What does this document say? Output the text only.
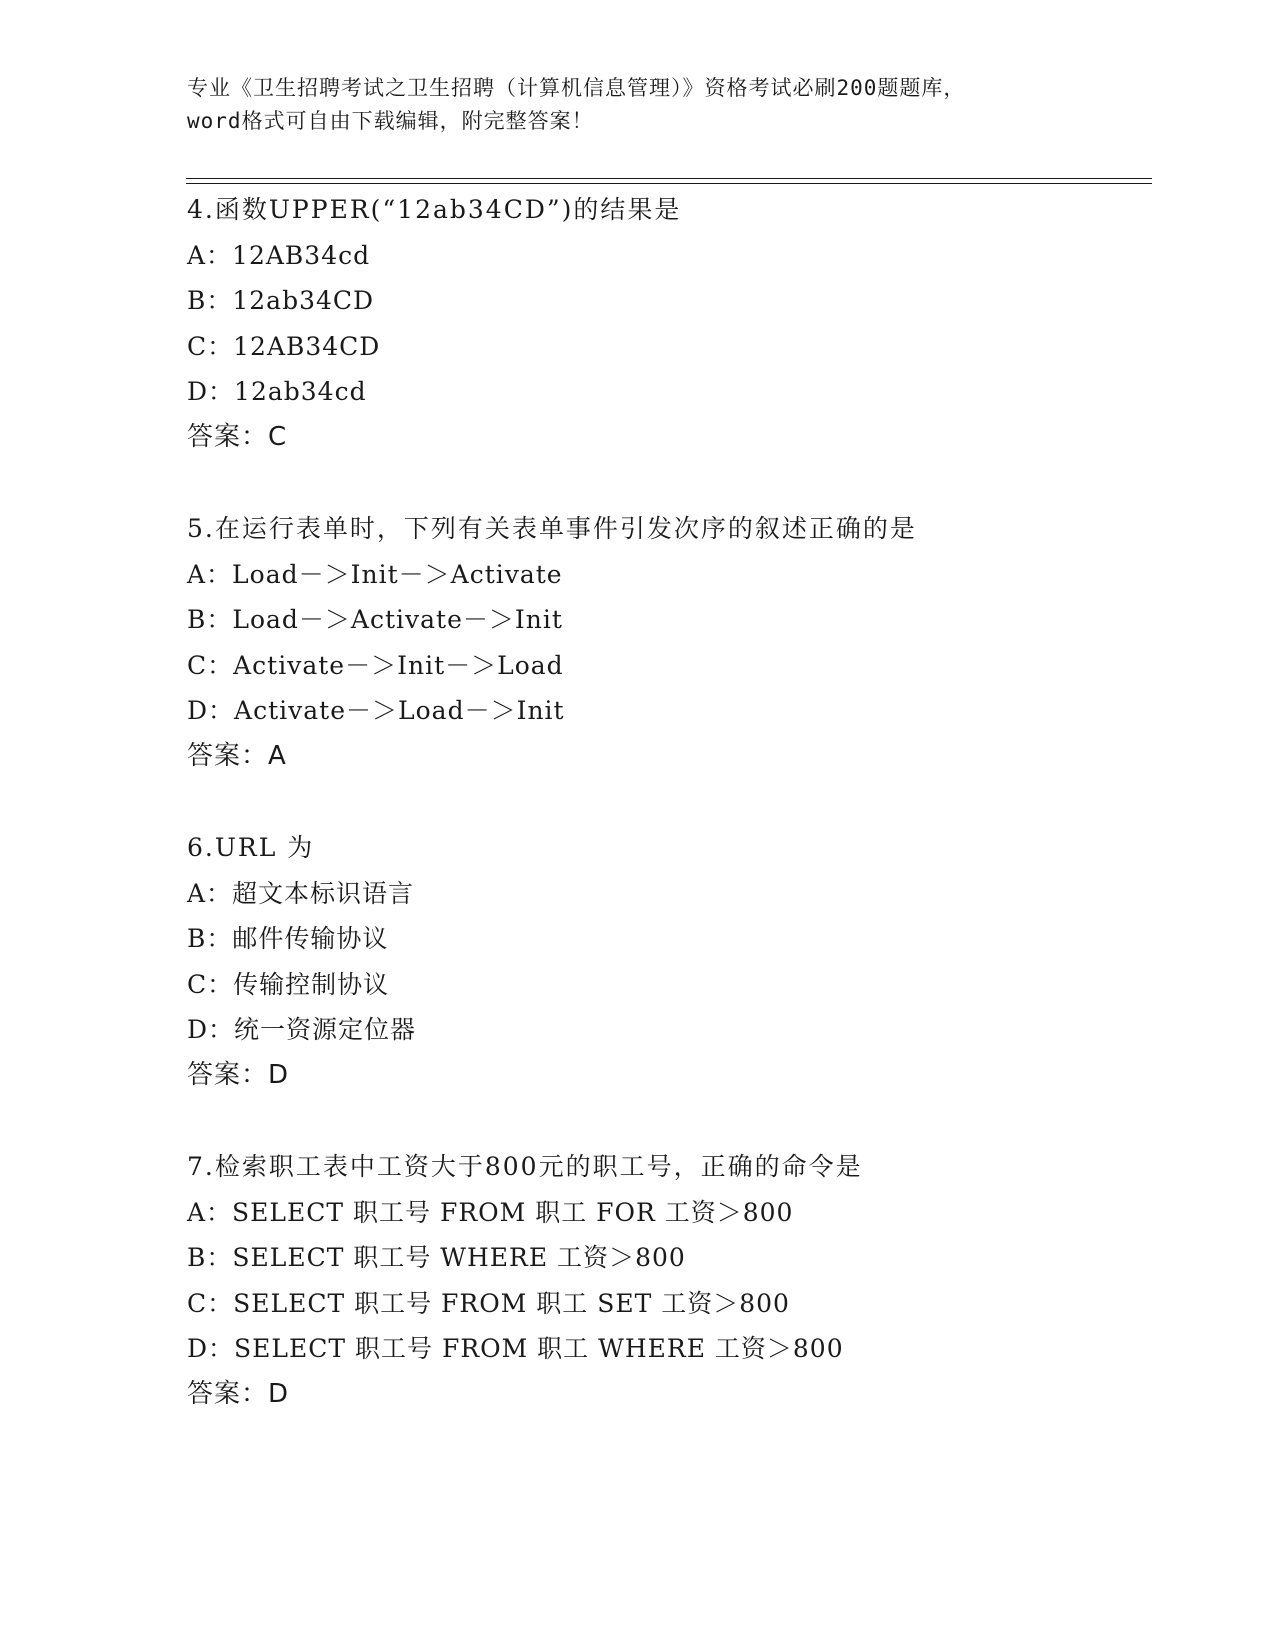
专业《卫生招聘考试之卫生招聘（计算机信息管理）》资格考试必刷200题题库，
word格式可自由下载编辑，附完整答案！
4.函数UPPER(“12ab34CD”)的结果是
A：12AB34cd
B：12ab34CD
C：12AB34CD
D：12ab34cd
答案：C
5.在运行表单时，下列有关表单事件引发次序的叙述正确的是
A：Load－＞Init－＞Activate
B：Load－＞Activate－＞Init
C：Activate－＞Init－＞Load
D：Activate－＞Load－＞Init
答案：A
6.URL 为
A：超文本标识语言
B：邮件传输协议
C：传输控制协议
D：统一资源定位器
答案：D
7.检索职工表中工资大于800元的职工号，正确的命令是
A：SELECT 职工号 FROM 职工 FOR 工资＞800
B：SELECT 职工号 WHERE 工资＞800
C：SELECT 职工号 FROM 职工 SET 工资＞800
D：SELECT 职工号 FROM 职工 WHERE 工资＞800
答案：D
